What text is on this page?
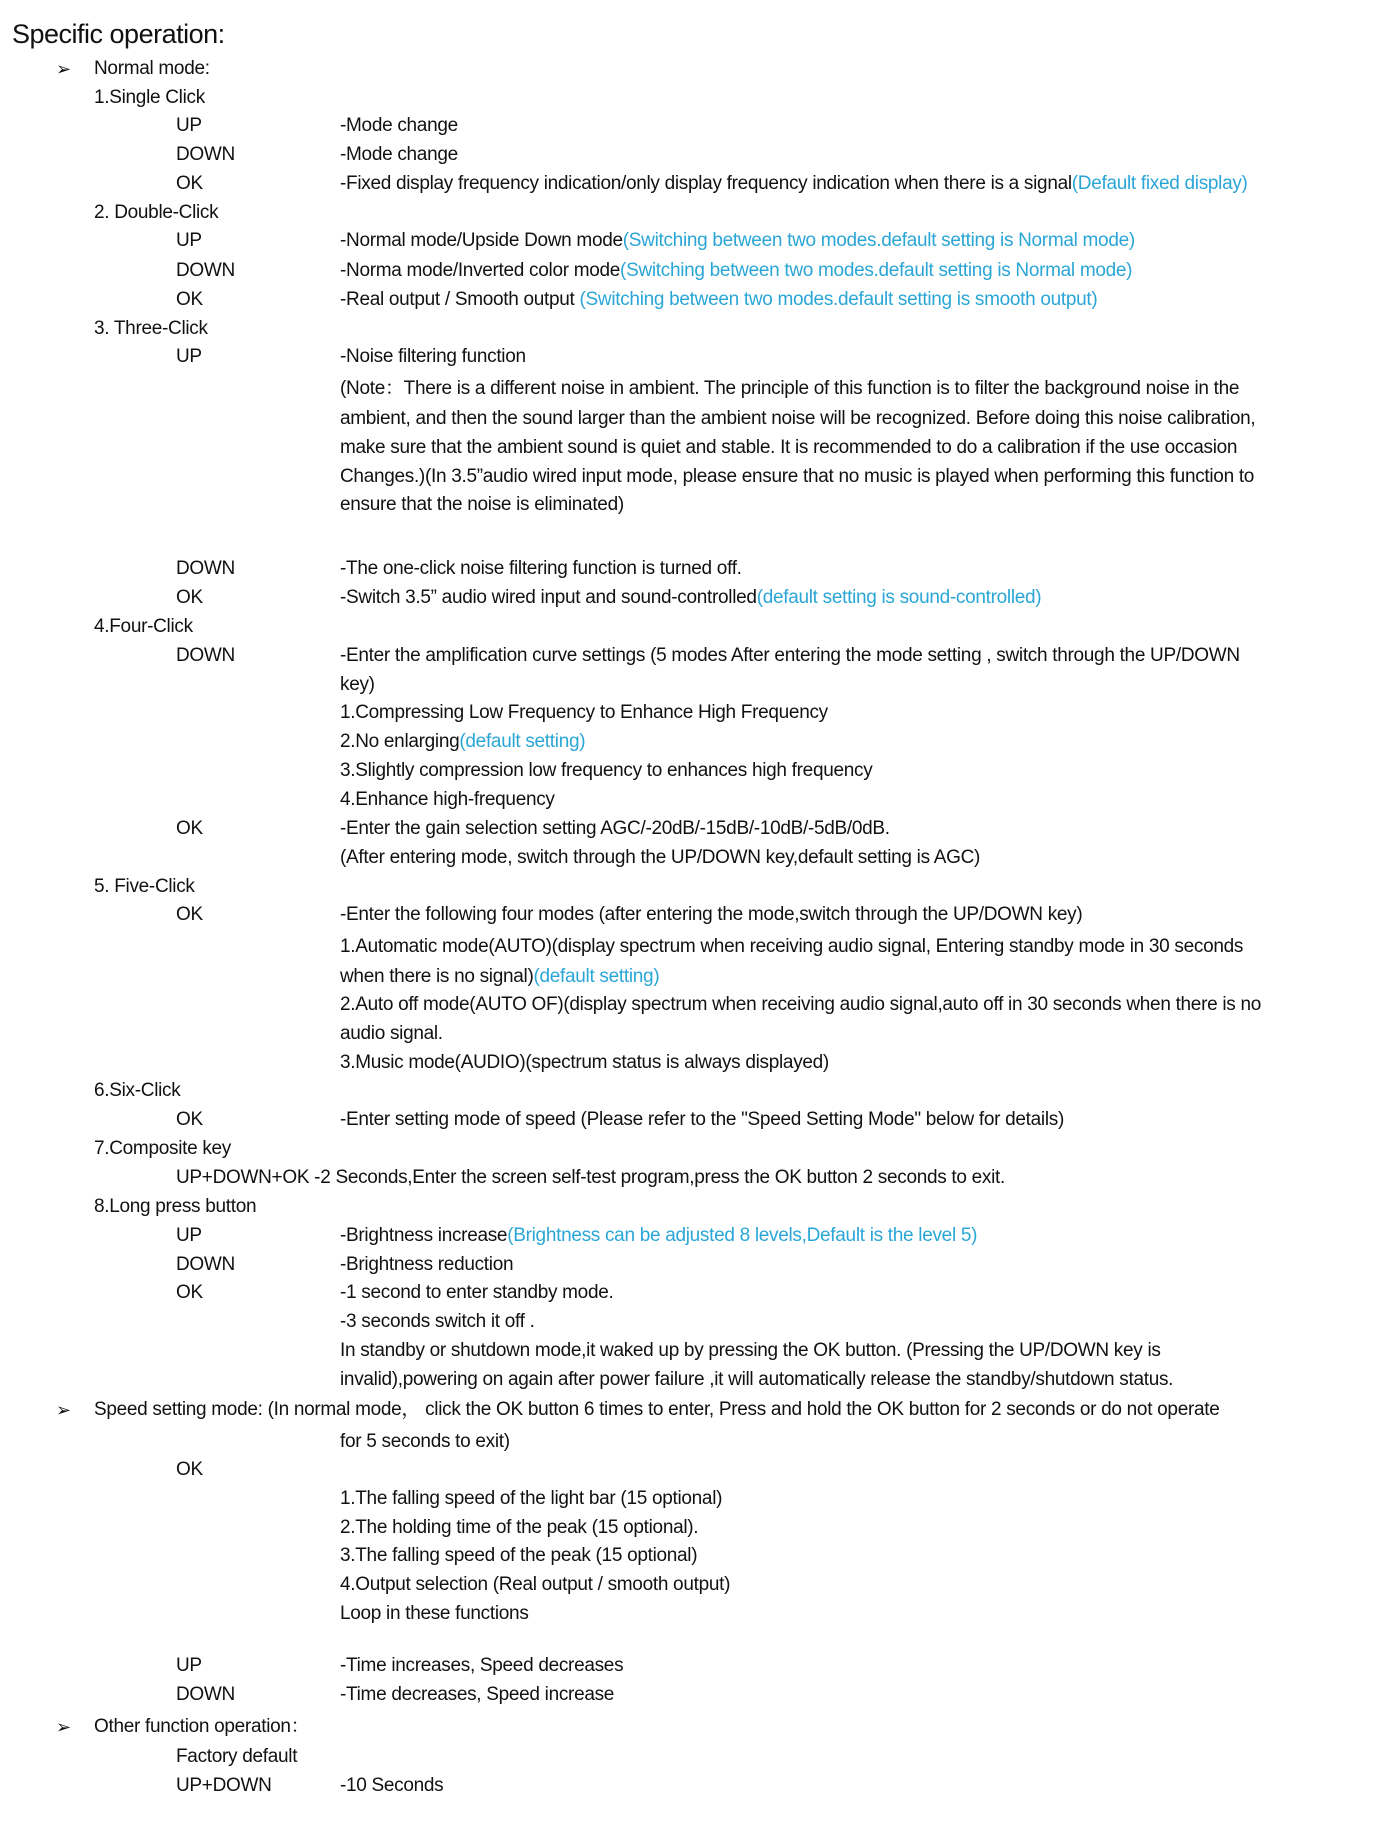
Specific operation:
➢ Normal mode:
1.Single Click
UP	-Mode change
DOWN	-Mode change
OK	-Fixed display frequency indication/only display frequency indication when there is a signal(Default fixed display)
2. Double-Click
UP	-Normal mode/Upside Down mode(Switching between two modes.default setting is Normal mode)
DOWN	-Norma mode/Inverted color mode(Switching between two modes.default setting is Normal mode)
OK	-Real output / Smooth output (Switching between two modes.default setting is smooth output)
3. Three-Click
UP	-Noise filtering function
(Note：There is a different noise in ambient. The principle of this function is to filter the background noise in the
ambient, and then the sound larger than the ambient noise will be recognized. Before doing this noise calibration,
make sure that the ambient sound is quiet and stable. It is recommended to do a calibration if the use occasion
Changes.)(In 3.5”audio wired input mode, please ensure that no music is played when performing this function to
ensure that the noise is eliminated)
DOWN	-The one-click noise filtering function is turned off.
OK	-Switch 3.5” audio wired input and sound-controlled(default setting is sound-controlled)
4.Four-Click
DOWN	-Enter the amplification curve settings (5 modes After entering the mode setting , switch through the UP/DOWN
key)
1.Compressing Low Frequency to Enhance High Frequency
2.No enlarging(default setting)
3.Slightly compression low frequency to enhances high frequency
4.Enhance high-frequency
OK	-Enter the gain selection setting AGC/-20dB/-15dB/-10dB/-5dB/0dB.
(After entering mode, switch through the UP/DOWN key,default setting is AGC)
5. Five-Click
OK	-Enter the following four modes (after entering the mode,switch through the UP/DOWN key)
1.Automatic mode(AUTO)(display spectrum when receiving audio signal, Entering standby mode in 30 seconds
when there is no signal)(default setting)
2.Auto off mode(AUTO OF)(display spectrum when receiving audio signal,auto off in 30 seconds when there is no
audio signal.
3.Music mode(AUDIO)(spectrum status is always displayed)
6.Six-Click
OK	-Enter setting mode of speed (Please refer to the "Speed Setting Mode" below for details)
7.Composite key
UP+DOWN+OK -2 Seconds,Enter the screen self-test program,press the OK button 2 seconds to exit.
8.Long press button
UP	-Brightness increase(Brightness can be adjusted 8 levels,Default is the level 5)
DOWN	-Brightness reduction
OK	-1 second to enter standby mode.
-3 seconds switch it off .
In standby or shutdown mode,it waked up by pressing the OK button. (Pressing the UP/DOWN key is
invalid),powering on again after power failure ,it will automatically release the standby/shutdown status.
➢ Speed setting mode: (In normal mode， click the OK button 6 times to enter, Press and hold the OK button for 2 seconds or do not operate
for 5 seconds to exit)
OK
1.The falling speed of the light bar (15 optional)
2.The holding time of the peak (15 optional).
3.The falling speed of the peak (15 optional)
4.Output selection (Real output / smooth output)
Loop in these functions
UP	-Time increases, Speed decreases
DOWN	-Time decreases, Speed increase
➢ Other function operation：
Factory default
UP+DOWN	-10 Seconds
